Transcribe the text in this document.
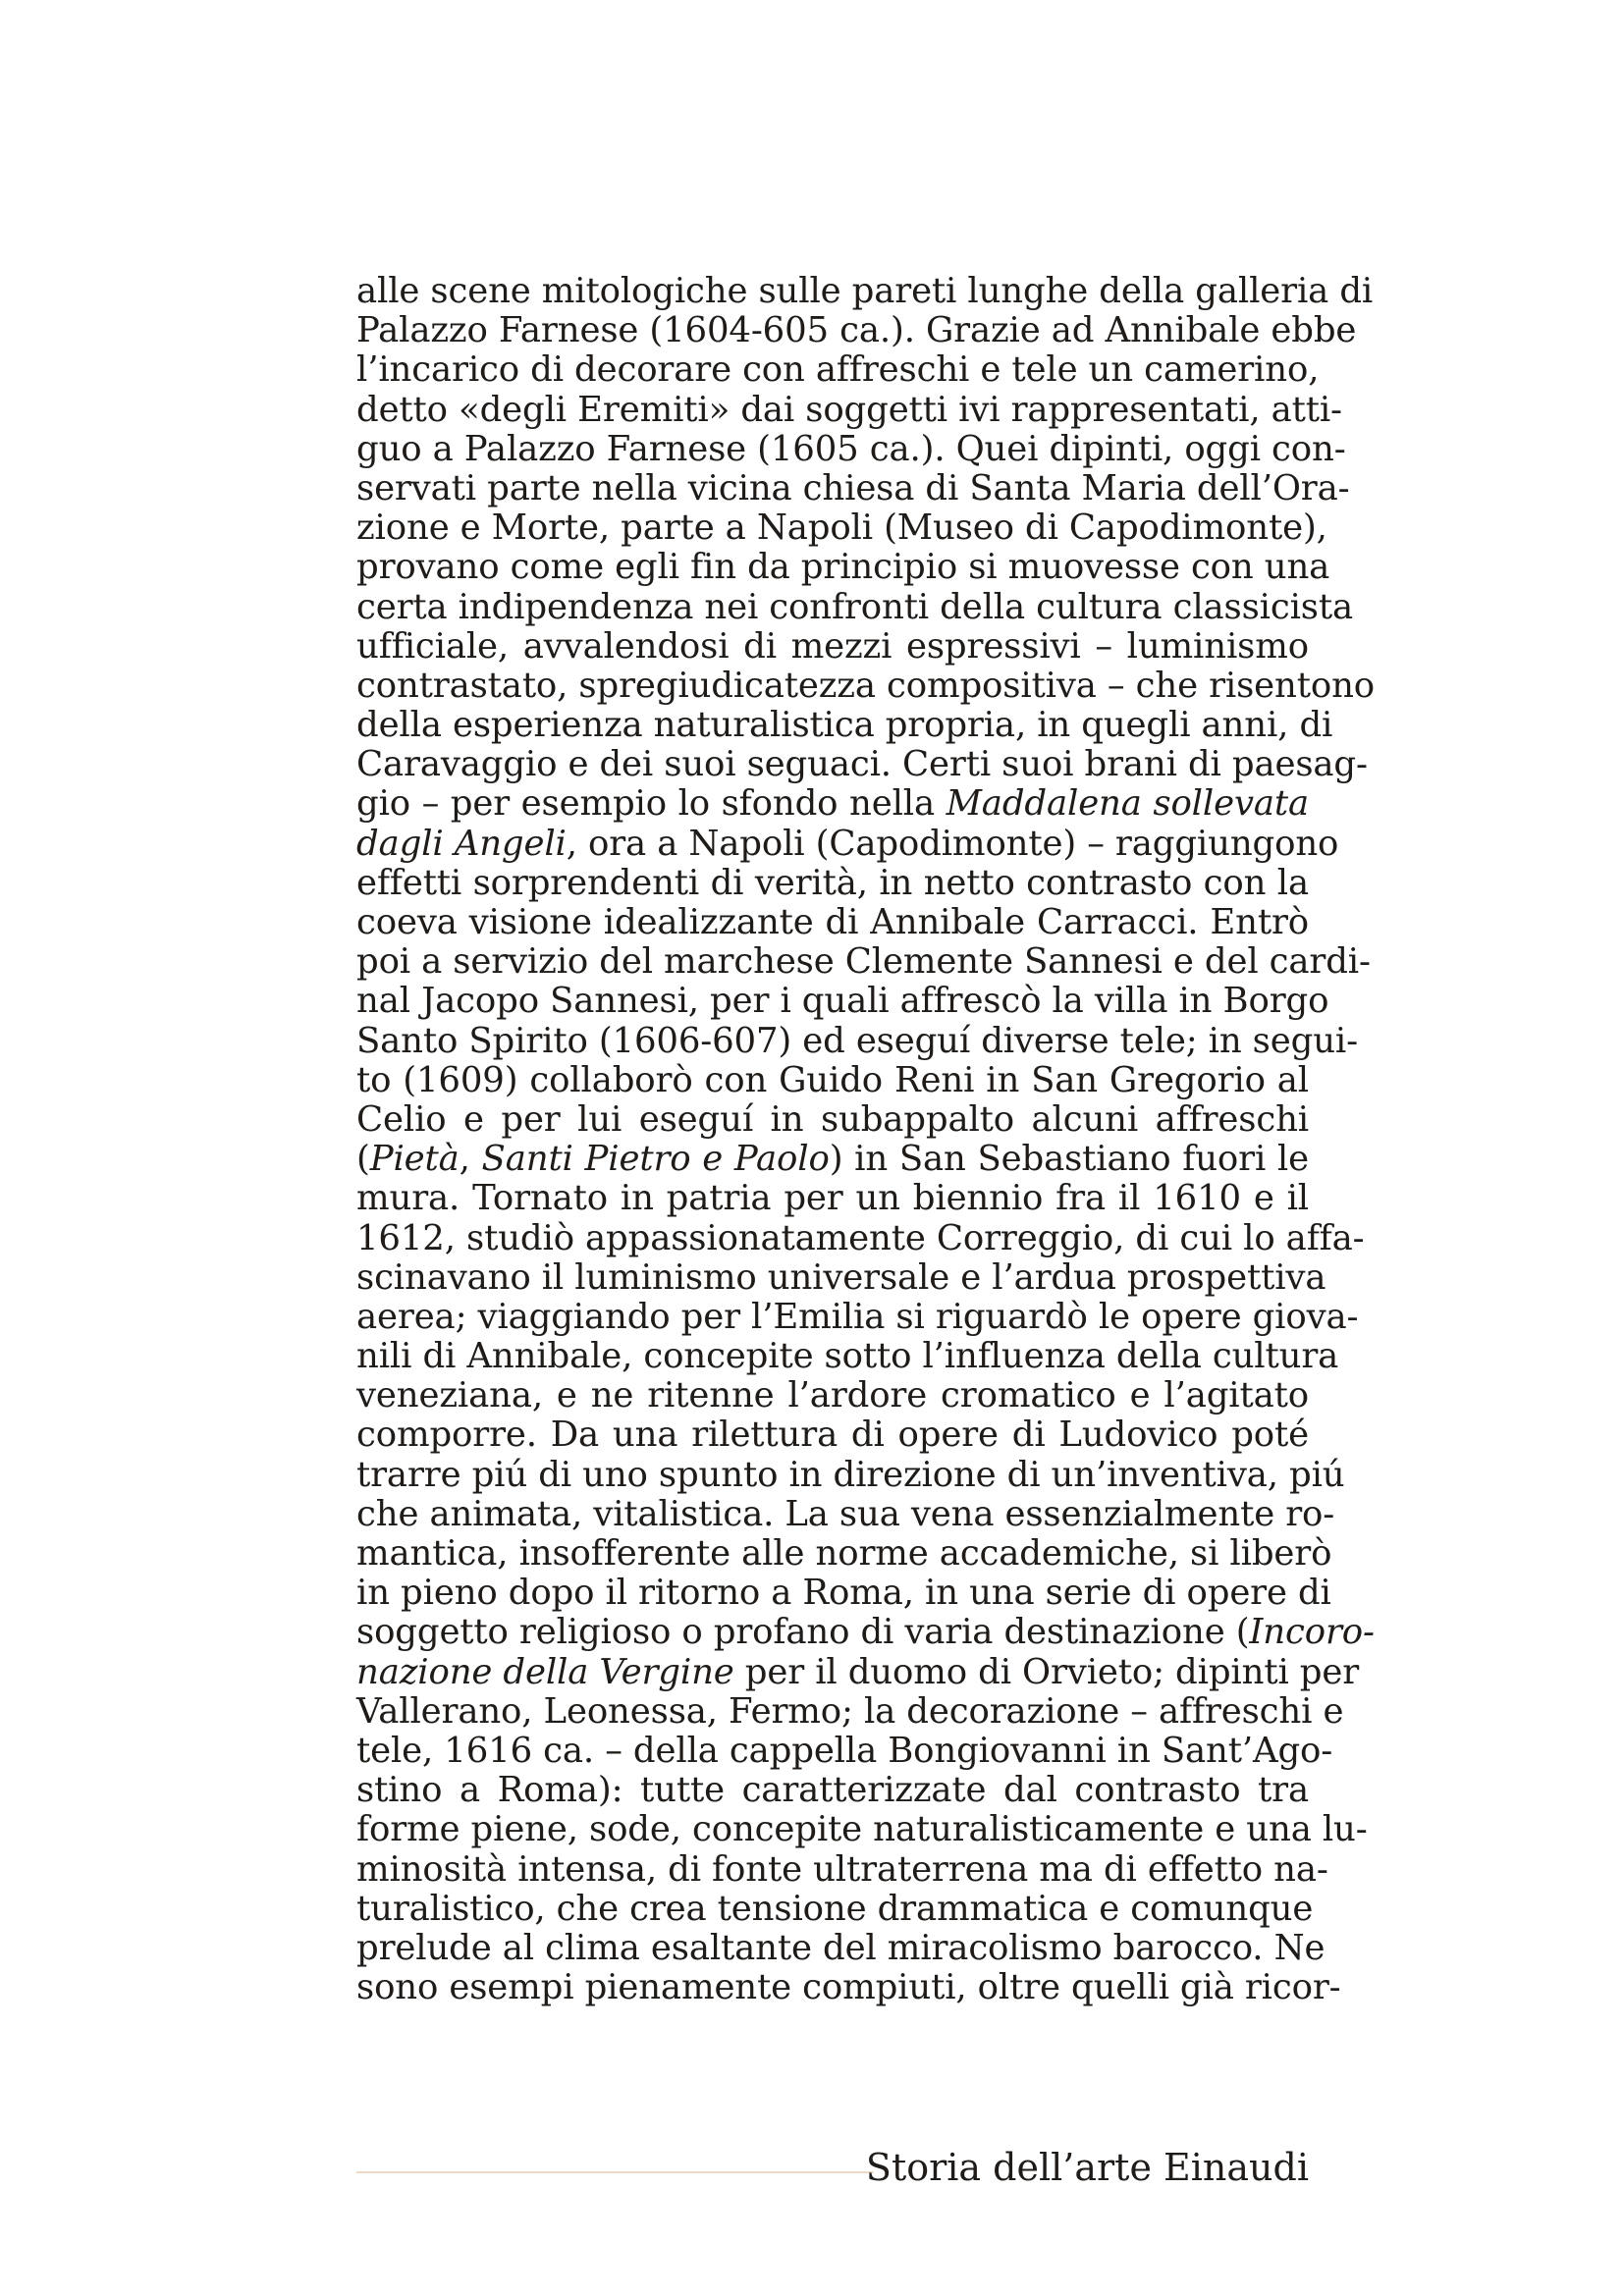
alle scene mitologiche sulle pareti lunghe della galleria di
Palazzo Farnese (1604-605 ca.). Grazie ad Annibale ebbe
l’incarico di decorare con affreschi e tele un camerino,
detto «degli Eremiti» dai soggetti ivi rappresentati, atti-
guo a Palazzo Farnese (1605 ca.). Quei dipinti, oggi con-
servati parte nella vicina chiesa di Santa Maria dell’Ora-
zione e Morte, parte a Napoli (Museo di Capodimonte),
provano come egli fin da principio si muovesse con una
certa indipendenza nei confronti della cultura classicista
ufficiale, avvalendosi di mezzi espressivi – luminismo
contrastato, spregiudicatezza compositiva – che risentono
della esperienza naturalistica propria, in quegli anni, di
Caravaggio e dei suoi seguaci. Certi suoi brani di paesag-
gio – per esempio lo sfondo nella Maddalena sollevata
dagli Angeli, ora a Napoli (Capodimonte) – raggiungono
effetti sorprendenti di verità, in netto contrasto con la
coeva visione idealizzante di Annibale Carracci. Entrò
poi a servizio del marchese Clemente Sannesi e del cardi-
nal Jacopo Sannesi, per i quali affrescò la villa in Borgo
Santo Spirito (1606-607) ed eseguí diverse tele; in segui-
to (1609) collaborò con Guido Reni in San Gregorio al
Celio e per lui eseguí in subappalto alcuni affreschi
(Pietà, Santi Pietro e Paolo) in San Sebastiano fuori le
mura. Tornato in patria per un biennio fra il 1610 e il
1612, studiò appassionatamente Correggio, di cui lo affa-
scinavano il luminismo universale e l’ardua prospettiva
aerea; viaggiando per l’Emilia si riguardò le opere giova-
nili di Annibale, concepite sotto l’influenza della cultura
veneziana, e ne ritenne l’ardore cromatico e l’agitato
comporre. Da una rilettura di opere di Ludovico poté
trarre piú di uno spunto in direzione di un’inventiva, piú
che animata, vitalistica. La sua vena essenzialmente ro-
mantica, insofferente alle norme accademiche, si liberò
in pieno dopo il ritorno a Roma, in una serie di opere di
soggetto religioso o profano di varia destinazione (Incoro-
nazione della Vergine per il duomo di Orvieto; dipinti per
Vallerano, Leonessa, Fermo; la decorazione – affreschi e
tele, 1616 ca. – della cappella Bongiovanni in Sant’Ago-
stino a Roma): tutte caratterizzate dal contrasto tra
forme piene, sode, concepite naturalisticamente e una lu-
minosità intensa, di fonte ultraterrena ma di effetto na-
turalistico, che crea tensione drammatica e comunque
prelude al clima esaltante del miracolismo barocco. Ne
sono esempi pienamente compiuti, oltre quelli già ricor-
Storia dell’arte Einaudi
